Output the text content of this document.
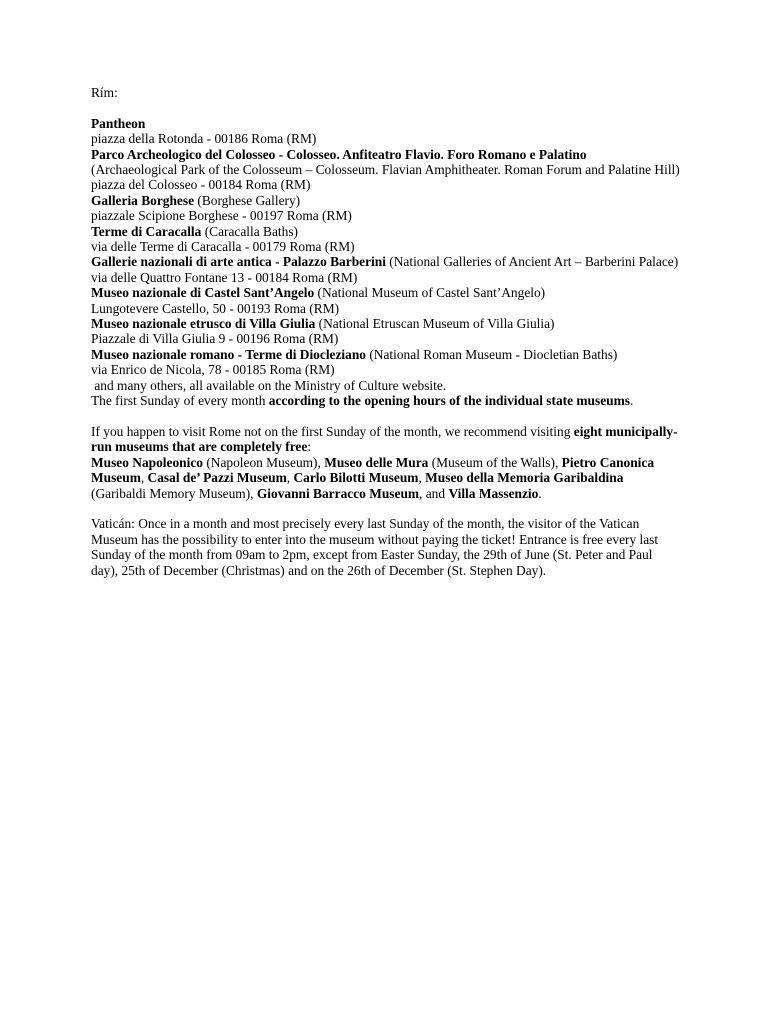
Rím:
Pantheon
piazza della Rotonda - 00186 Roma (RM)
Parco Archeologico del Colosseo - Colosseo. Anfiteatro Flavio. Foro Romano e Palatino
(Archaeological Park of the Colosseum – Colosseum. Flavian Amphitheater. Roman Forum and Palatine Hill)
piazza del Colosseo - 00184 Roma (RM)
Galleria Borghese (Borghese Gallery)
piazzale Scipione Borghese - 00197 Roma (RM)
Terme di Caracalla (Caracalla Baths)
via delle Terme di Caracalla - 00179 Roma (RM)
Gallerie nazionali di arte antica - Palazzo Barberini (National Galleries of Ancient Art – Barberini Palace)
via delle Quattro Fontane 13 - 00184 Roma (RM)
Museo nazionale di Castel Sant’Angelo (National Museum of Castel Sant’Angelo)
Lungotevere Castello, 50 - 00193 Roma (RM)
Museo nazionale etrusco di Villa Giulia (National Etruscan Museum of Villa Giulia)
Piazzale di Villa Giulia 9 - 00196 Roma (RM)
Museo nazionale romano - Terme di Diocleziano (National Roman Museum - Diocletian Baths)
via Enrico de Nicola, 78 - 00185 Roma (RM)
and many others, all available on the Ministry of Culture website.
The first Sunday of every month according to the opening hours of the individual state museums.
If you happen to visit Rome not on the first Sunday of the month, we recommend visiting eight municipally-run museums that are completely free:
Museo Napoleonico (Napoleon Museum), Museo delle Mura (Museum of the Walls), Pietro Canonica Museum, Casal de’ Pazzi Museum, Carlo Bilotti Museum, Museo della Memoria Garibaldina (Garibaldi Memory Museum), Giovanni Barracco Museum, and Villa Massenzio.
Vaticán: Once in a month and most precisely every last Sunday of the month, the visitor of the Vatican Museum has the possibility to enter into the museum without paying the ticket! Entrance is free every last Sunday of the month from 09am to 2pm, except from Easter Sunday, the 29th of June (St. Peter and Paul day), 25th of December (Christmas) and on the 26th of December (St. Stephen Day).
